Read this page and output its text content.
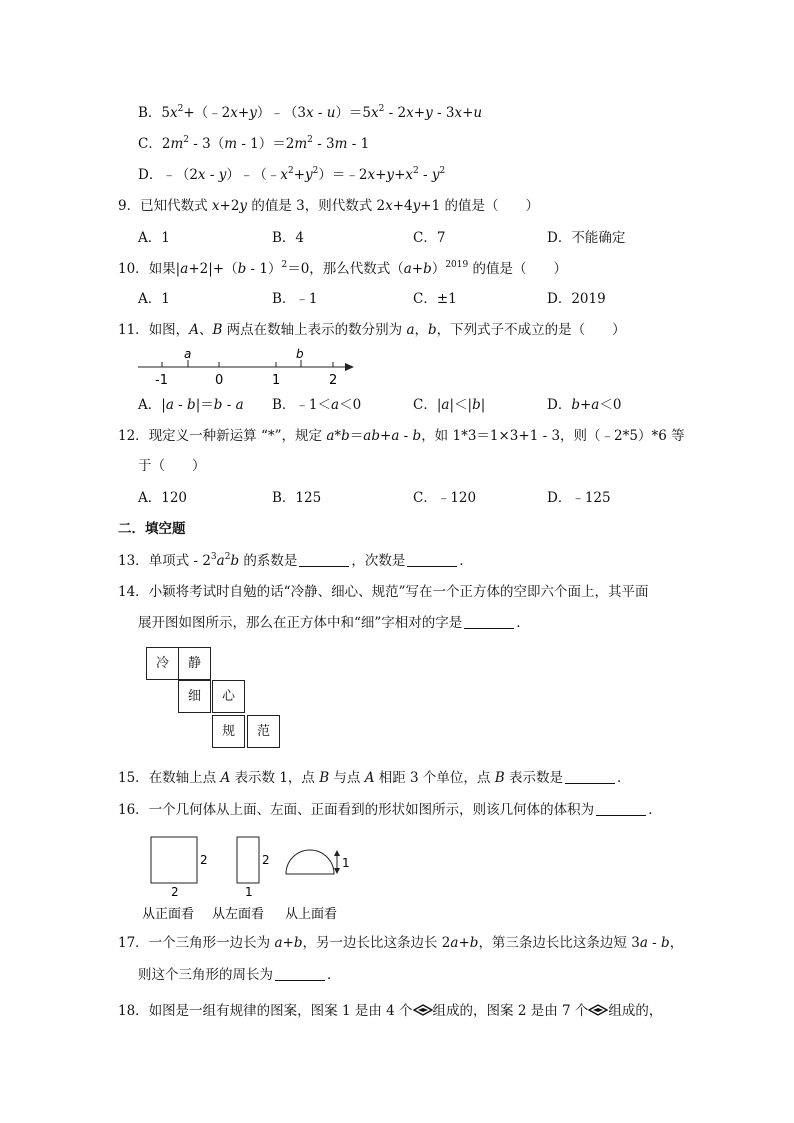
B．$5x^2+(﹣2x+y)﹣(3x - u)=5x^2 - 2x+y - 3x+u$
C．$2m^2 - 3(m - 1)=2m^2 - 3m - 1$
D．﹣（2x - $y)﹣(﹣x^2+y^2)=﹣2x+y+x^2 - y^2$
9．已知代数式 x+2y 的值是 3，则代数式 2x+4y+1 的值是（　　）
A．1	B．4	C．7	D．不能确定
10．如果|a+2|+（b - 1）$^2$＝0，那么代数式$(a+b)^{2019}$ 的值是（　　）
A．1	B．﹣1	C．±1	D．2019
11．如图，A、B 两点在数轴上表示的数分别为 a，b，下列式子不成立的是（　　）
a	b
-1	0	1	2
A．|a - b|＝b - a B．﹣1＜a＜0	C．|a|＜|b|	D．b+a＜0
12．现定义一种新运算 “*”，规定 a*b＝ab+a - b，如 1*3＝1×3+1 - 3，则（﹣2*5）*6 等
于（　　）
A．120	B．125	C．﹣120	D．﹣125
二．填空题
13．单项式 - $2^3a^2b$ 的系数是	，次数是	．
14．小颖将考试时自勉的话“冷静、细心、规范”写在一个正方体的空即六个面上，其平面
展开图如图所示，那么在正方体中和“细”字相对的字是	．
冷	静
细	心
规	范
15．在数轴上点 A 表示数 1，点 B 与点 A 相距 3 个单位，点 B 表示数是	．
16．一个几何体从上面、左面、正面看到的形状如图所示，则该几何体的体积为	．
2
2
2
1
1
从正面看 从左面看 从上面看
17．一个三角形一边长为 a+b，另一边长比这条边长 2a+b，第三条边长比这条边短 3a - b，
则这个三角形的周长为	．
18．如图是一组有规律的图案，图案 1 是由 4 个 组成的，图案 2 是由 7 个 组成的，
